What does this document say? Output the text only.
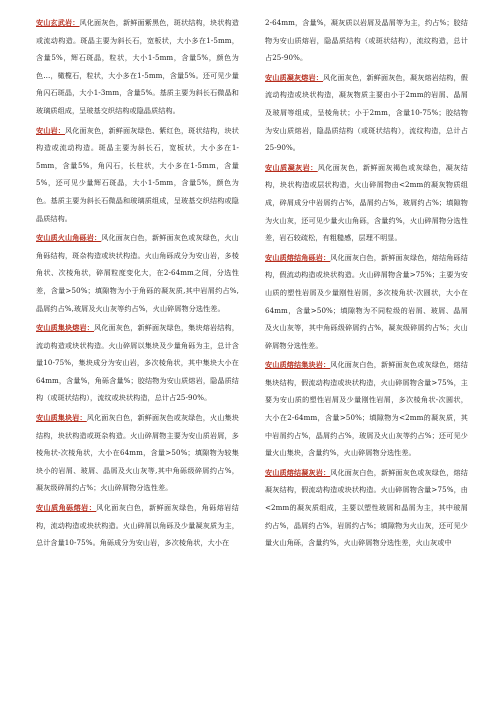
安山玄武岩：风化面灰色，新鲜面紫黑色，斑状结构，块状构造或流动构造。斑晶主要为斜长石，宽板状，大小多在1-5mm，含量5%，辉石斑晶，粒状，大小1-5mm，含量5%，颜色为色…，橄榄石，粒状，大小多在1-5mm，含量5%。还可见少量角闪石斑晶，大小1-3mm，含量5%。基质主要为斜长石微晶和玻璃质组成，呈玻基交织结构或隐晶质结构。

安山岩：风化面灰色，新鲜面灰绿色、紫红色，斑状结构，块状构造或流动构造。斑晶主要为斜长石，宽板状，大小多在1-5mm，含量5%，角闪石，长柱状，大小多在1-5mm，含量5%，还可见少量辉石斑晶，大小1-5mm，含量5%，颜色为色。基质主要为斜长石微晶和玻璃质组成，呈玻基交织结构或隐晶质结构。

安山质火山角砾岩：风化面灰白色，新鲜面灰色或灰绿色，火山角砾结构，斑杂构造或块状构造。火山角砾成分为安山岩，多棱角状、次棱角状，碎屑粒度变化大，在2-64mm之间，分选性差，含量>50%；填隙物为小于角砾的凝灰质,其中岩屑约占%,晶屑约占%,玻屑及火山灰等约占%，火山碎屑物分选性差。

安山质集块熔岩：风化面灰色，新鲜面灰绿色，集块熔岩结构，流动构造或块状构造。火山碎屑以集块及少量角砾为主，总计含量10-75%，集块成分为安山岩，多次棱角状，其中集块大小在64mm，含量%，角砾含量%；胶结物为安山质熔岩，隐晶质结构（或斑状结构），流纹或块状构造，总计占25-90%。

安山质集块岩：风化面灰白色，新鲜面灰色或灰绿色，火山集块结构，块状构造或斑杂构造。火山碎屑物主要为安山质岩屑，多棱角状-次棱角状，大小在64mm，含量>50%；填隙物为较集块小的岩屑、玻屑、晶屑及火山灰等,其中角砾级碎屑约占%，凝灰级碎屑约占%；火山碎屑物分选性差。

安山质角砾熔岩：风化面灰白色，新鲜面灰绿色，角砾熔岩结构，流动构造或块状构造。火山碎屑以角砾及少量凝灰质为主，总计含量10-75%。角砾成分为安山岩，多次棱角状，大小在

2-64mm，含量%，凝灰质以岩屑及晶屑等为主，约占%；胶结物为安山质熔岩，隐晶质结构（或斑状结构），流纹构造，总计占25-90%。

安山质凝灰熔岩：风化面灰色，新鲜面灰色，凝灰熔岩结构，假流动构造或块状构造，凝灰物质主要由小于2mm的岩屑、晶屑及玻屑等组成，呈棱角状；小于2mm，含量10-75%；胶结物为安山质熔岩，隐晶质结构（或斑状结构），流纹构造，总计占25-90%。

安山质凝灰岩：风化面灰色，新鲜面灰褐色或灰绿色，凝灰结构，块状构造或层状构造，火山碎屑物由<2mm的凝灰物质组成，碎屑成分中岩屑约占%，晶屑约占%，玻屑约占%；填隙物为火山灰，还可见少量火山角砾，含量约%，火山碎屑物分选性差，岩石较疏松，有粗糙感，层理不明显。

安山质熔结角砾岩：风化面灰白色，新鲜面灰绿色，熔结角砾结构，假流动构造或块状构造。火山碎屑物含量>75%；主要为安山质的塑性岩屑及少量刚性岩屑，多次棱角状-次圆状，大小在64mm，含量>50%；填隙物为不同粒级的岩屑、玻屑、晶屑及火山灰等，其中角砾级碎屑约占%，凝灰级碎屑约占%；火山碎屑物分选性差。

安山质熔结集块岩：风化面灰白色，新鲜面灰色或灰绿色，熔结集块结构，假流动构造或块状构造，火山碎屑物含量>75%，主要为安山质的塑性岩屑及少量刚性岩屑，多次棱角状-次圆状，大小在2-64mm，含量>50%；填隙物为<2mm的凝灰质，其中岩屑约占%，晶屑约占%，玻屑及火山灰等约占%；还可见少量火山集块，含量约%，火山碎屑物分选性差。

安山质熔结凝灰岩：风化面灰白色，新鲜面灰色或灰绿色，熔结凝灰结构，假流动构造或块状构造。火山碎屑物含量>75%，由<2mm的凝灰质组成，主要以塑性玻屑和晶屑为主，其中玻屑约占%，晶屑约占%，岩屑约占%；填隙物为火山灰，还可见少量火山角砾，含量约%，火山碎屑物分选性差，火山灰或中
